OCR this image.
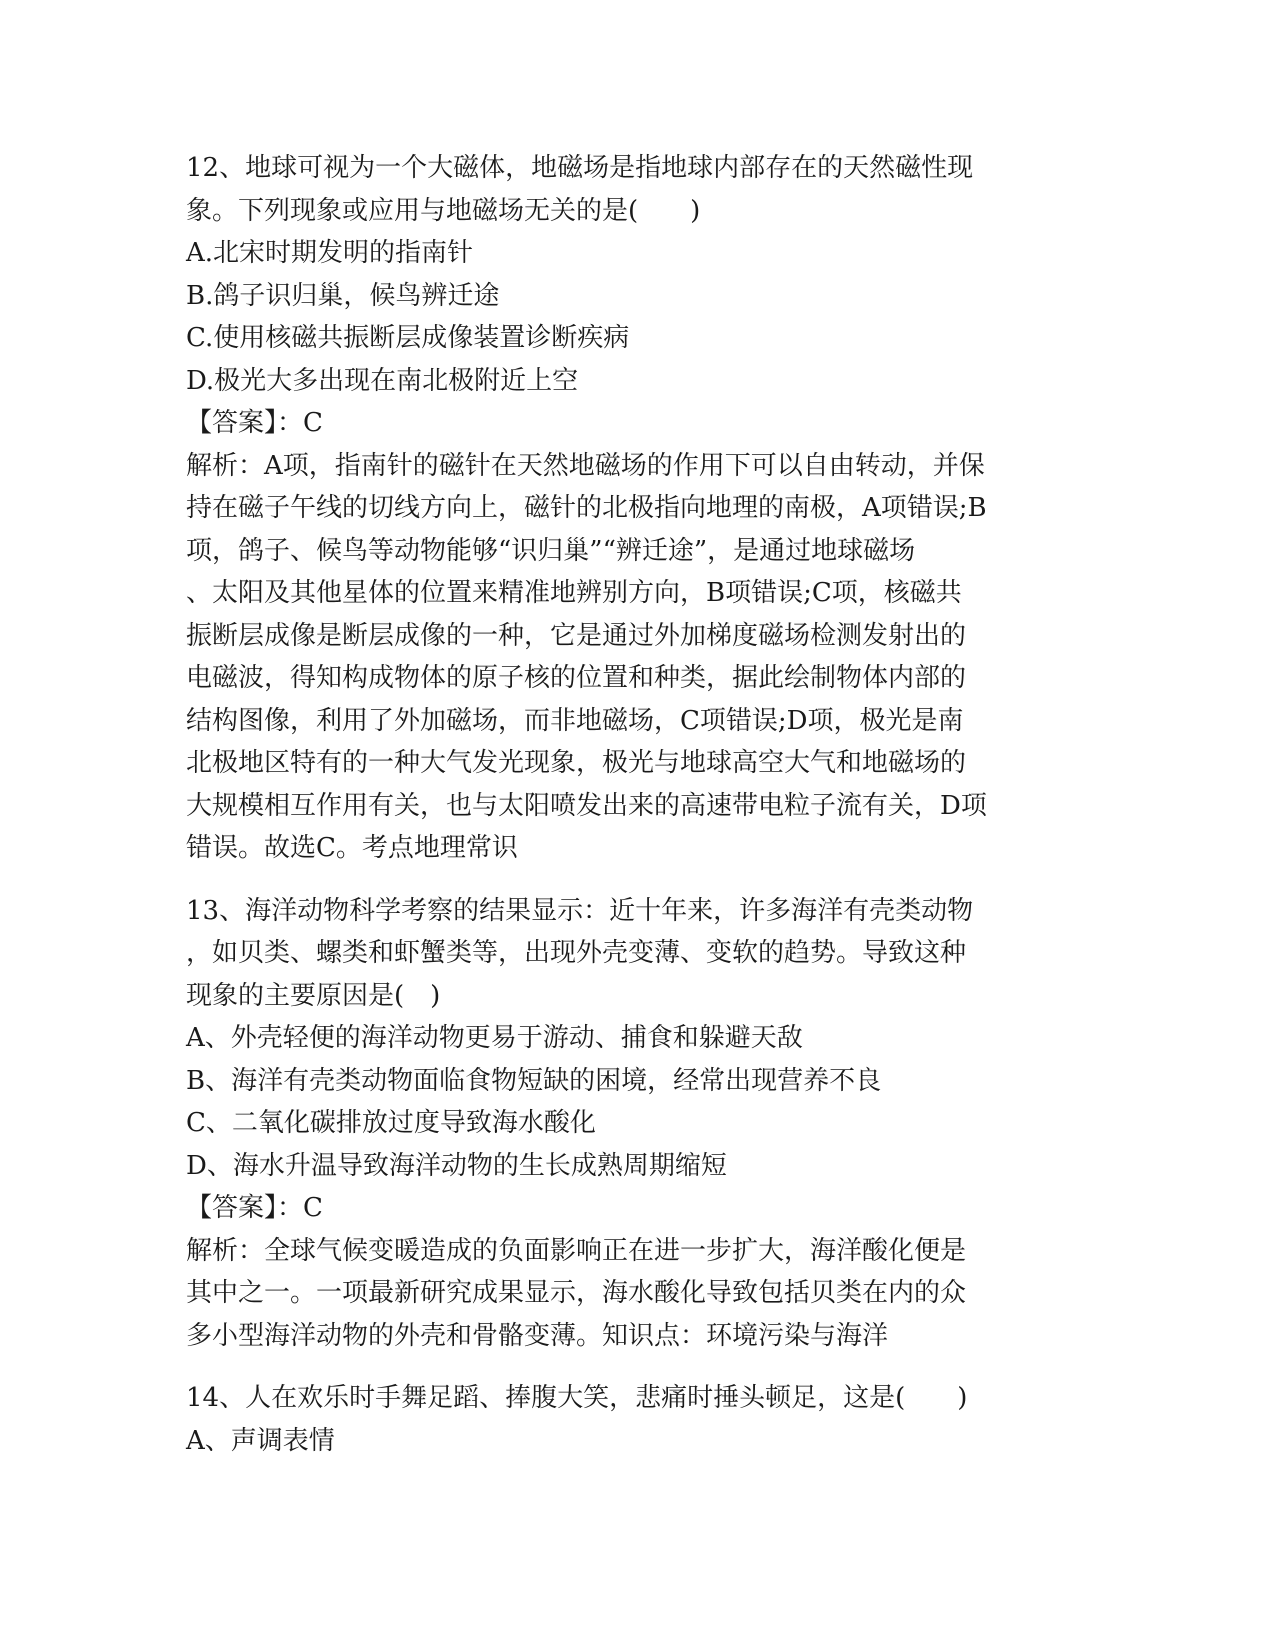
12、地球可视为一个大磁体，地磁场是指地球内部存在的天然磁性现
象。下列现象或应用与地磁场无关的是(　　)
A.北宋时期发明的指南针
B.鸽子识归巢，候鸟辨迁途
C.使用核磁共振断层成像装置诊断疾病
D.极光大多出现在南北极附近上空
【答案】：C
解析：A项，指南针的磁针在天然地磁场的作用下可以自由转动，并保
持在磁子午线的切线方向上，磁针的北极指向地理的南极，A项错误;B
项，鸽子、候鸟等动物能够“识归巢”“辨迁途”，是通过地球磁场
、太阳及其他星体的位置来精准地辨别方向，B项错误;C项，核磁共
振断层成像是断层成像的一种，它是通过外加梯度磁场检测发射出的
电磁波，得知构成物体的原子核的位置和种类，据此绘制物体内部的
结构图像，利用了外加磁场，而非地磁场，C项错误;D项，极光是南
北极地区特有的一种大气发光现象，极光与地球高空大气和地磁场的
大规模相互作用有关，也与太阳喷发出来的高速带电粒子流有关，D项
错误。故选C。考点地理常识
13、海洋动物科学考察的结果显示：近十年来，许多海洋有壳类动物
，如贝类、螺类和虾蟹类等，出现外壳变薄、变软的趋势。导致这种
现象的主要原因是(　)
A、外壳轻便的海洋动物更易于游动、捕食和躲避天敌
B、海洋有壳类动物面临食物短缺的困境，经常出现营养不良
C、二氧化碳排放过度导致海水酸化
D、海水升温导致海洋动物的生长成熟周期缩短
【答案】：C
解析：全球气候变暖造成的负面影响正在进一步扩大，海洋酸化便是
其中之一。一项最新研究成果显示，海水酸化导致包括贝类在内的众
多小型海洋动物的外壳和骨骼变薄。知识点：环境污染与海洋
14、人在欢乐时手舞足蹈、捧腹大笑，悲痛时捶头顿足，这是(　　)
A、声调表情
